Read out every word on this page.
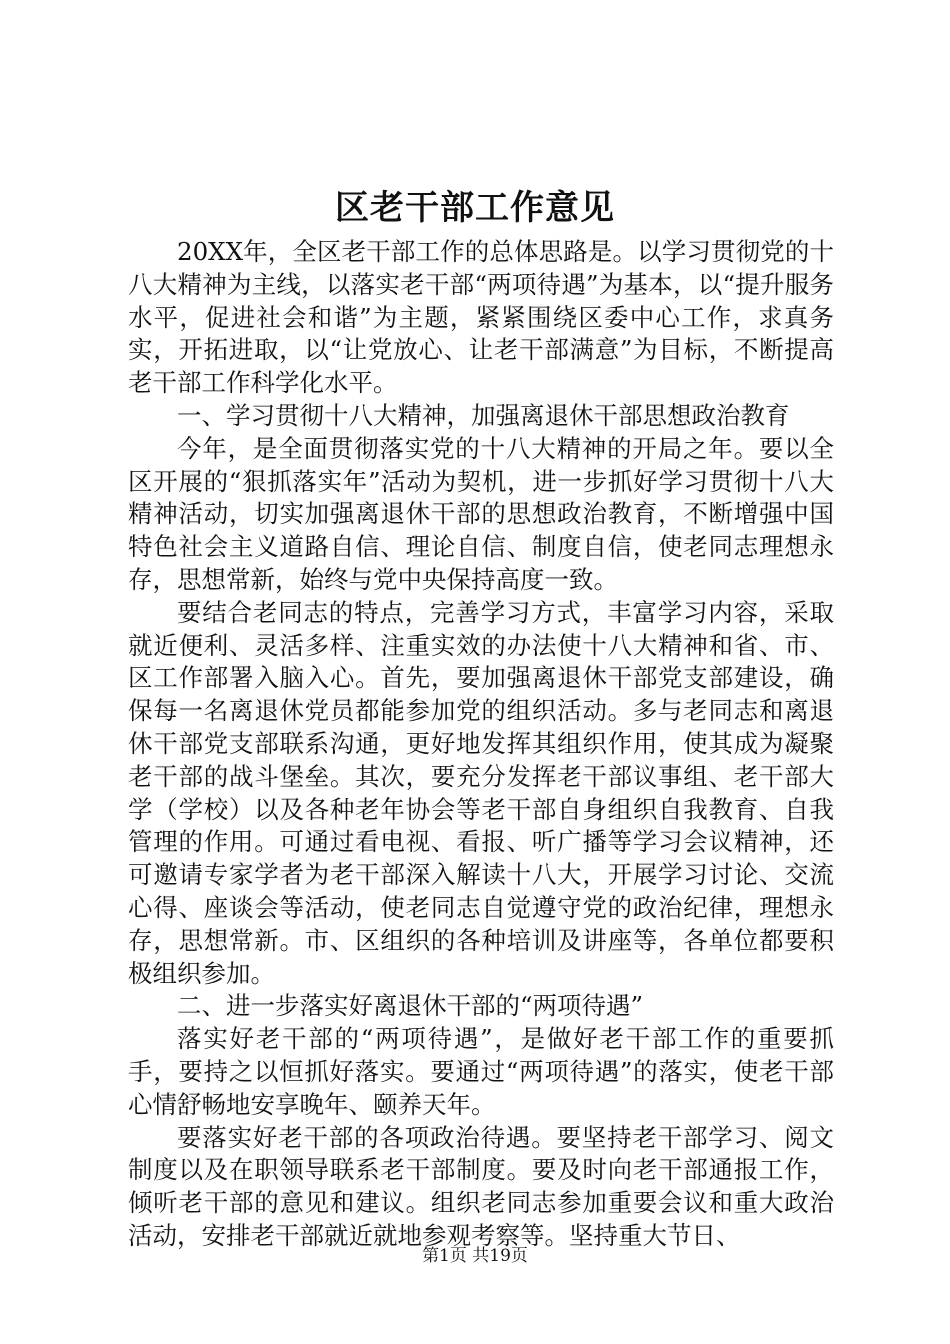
区老干部工作意见

20XX年，全区老干部工作的总体思路是。以学习贯彻党的十八大精神为主线，以落实老干部“两项待遇”为基本，以“提升服务水平，促进社会和谐”为主题，紧紧围绕区委中心工作，求真务实，开拓进取，以“让党放心、让老干部满意”为目标，不断提高老干部工作科学化水平。

一、学习贯彻十八大精神，加强离退休干部思想政治教育

今年，是全面贯彻落实党的十八大精神的开局之年。要以全区开展的“狠抓落实年”活动为契机，进一步抓好学习贯彻十八大精神活动，切实加强离退休干部的思想政治教育，不断增强中国特色社会主义道路自信、理论自信、制度自信，使老同志理想永存，思想常新，始终与党中央保持高度一致。

要结合老同志的特点，完善学习方式，丰富学习内容，采取就近便利、灵活多样、注重实效的办法使十八大精神和省、市、区工作部署入脑入心。首先，要加强离退休干部党支部建设，确保每一名离退休党员都能参加党的组织活动。多与老同志和离退休干部党支部联系沟通，更好地发挥其组织作用，使其成为凝聚老干部的战斗堡垒。其次，要充分发挥老干部议事组、老干部大学（学校）以及各种老年协会等老干部自身组织自我教育、自我管理的作用。可通过看电视、看报、听广播等学习会议精神，还可邀请专家学者为老干部深入解读十八大，开展学习讨论、交流心得、座谈会等活动，使老同志自觉遵守党的政治纪律，理想永存，思想常新。市、区组织的各种培训及讲座等，各单位都要积极组织参加。

二、进一步落实好离退休干部的“两项待遇”

落实好老干部的“两项待遇”，是做好老干部工作的重要抓手，要持之以恒抓好落实。要通过“两项待遇”的落实，使老干部心情舒畅地安享晚年、颐养天年。

要落实好老干部的各项政治待遇。要坚持老干部学习、阅文制度以及在职领导联系老干部制度。要及时向老干部通报工作，倾听老干部的意见和建议。组织老同志参加重要会议和重大政治活动，安排老干部就近就地参观考察等。坚持重大节日、

第1页 共19页
